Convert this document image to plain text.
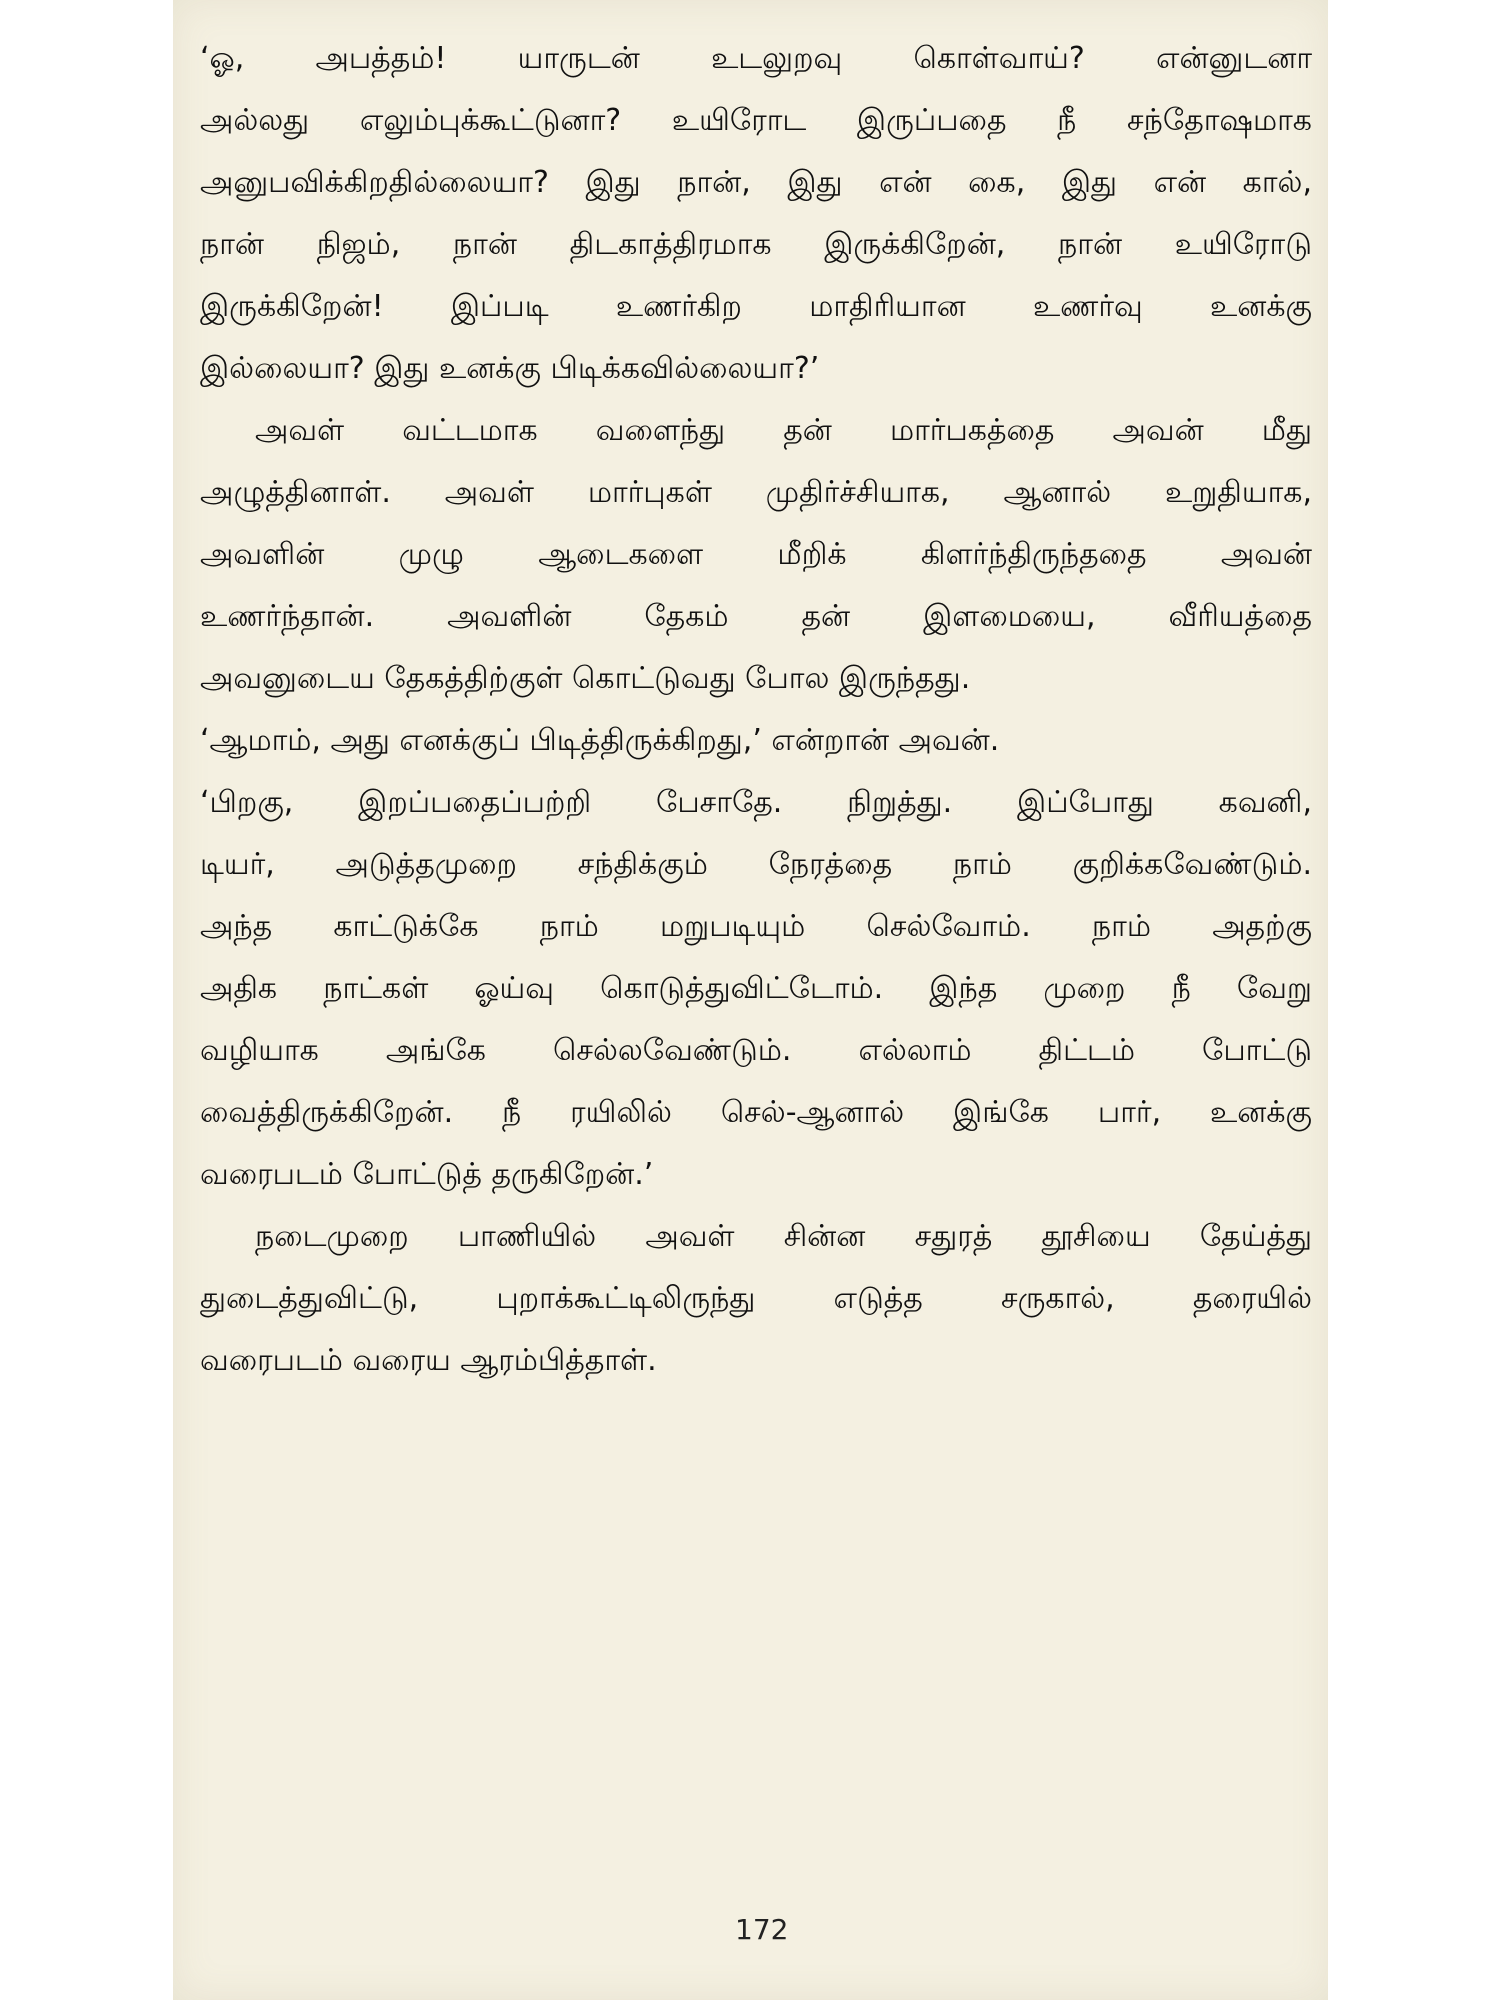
‘ஓ, அபத்தம்! யாருடன் உடலுறவு கொள்வாய்? என்னுடனா
அல்லது எலும்புக்கூட்டுனா? உயிரோட இருப்பதை நீ சந்தோஷமாக
அனுபவிக்கிறதில்லையா? இது நான், இது என் கை, இது என் கால்,
நான் நிஜம், நான் திடகாத்திரமாக இருக்கிறேன், நான் உயிரோடு
இருக்கிறேன்! இப்படி உணர்கிற மாதிரியான உணர்வு உனக்கு
இல்லையா? இது உனக்கு பிடிக்கவில்லையா?’
அவள் வட்டமாக வளைந்து தன் மார்பகத்தை அவன் மீது
அழுத்தினாள். அவள் மார்புகள் முதிர்ச்சியாக, ஆனால் உறுதியாக,
அவளின் முழு ஆடைகளை மீறிக் கிளர்ந்திருந்ததை அவன்
உணர்ந்தான். அவளின் தேகம் தன் இளமையை, வீரியத்தை
அவனுடைய தேகத்திற்குள் கொட்டுவது போல இருந்தது.
‘ஆமாம், அது எனக்குப் பிடித்திருக்கிறது,’ என்றான் அவன்.
‘பிறகு, இறப்பதைப்பற்றி பேசாதே. நிறுத்து. இப்போது கவனி,
டியர், அடுத்தமுறை சந்திக்கும் நேரத்தை நாம் குறிக்கவேண்டும்.
அந்த காட்டுக்கே நாம் மறுபடியும் செல்வோம். நாம் அதற்கு
அதிக நாட்கள் ஓய்வு கொடுத்துவிட்டோம். இந்த முறை நீ வேறு
வழியாக அங்கே செல்லவேண்டும். எல்லாம் திட்டம் போட்டு
வைத்திருக்கிறேன். நீ ரயிலில் செல்-ஆனால் இங்கே பார், உனக்கு
வரைபடம் போட்டுத் தருகிறேன்.’
நடைமுறை பாணியில் அவள் சின்ன சதுரத் தூசியை தேய்த்து
துடைத்துவிட்டு, புறாக்கூட்டிலிருந்து எடுத்த சருகால், தரையில்
வரைபடம் வரைய ஆரம்பித்தாள்.
172
